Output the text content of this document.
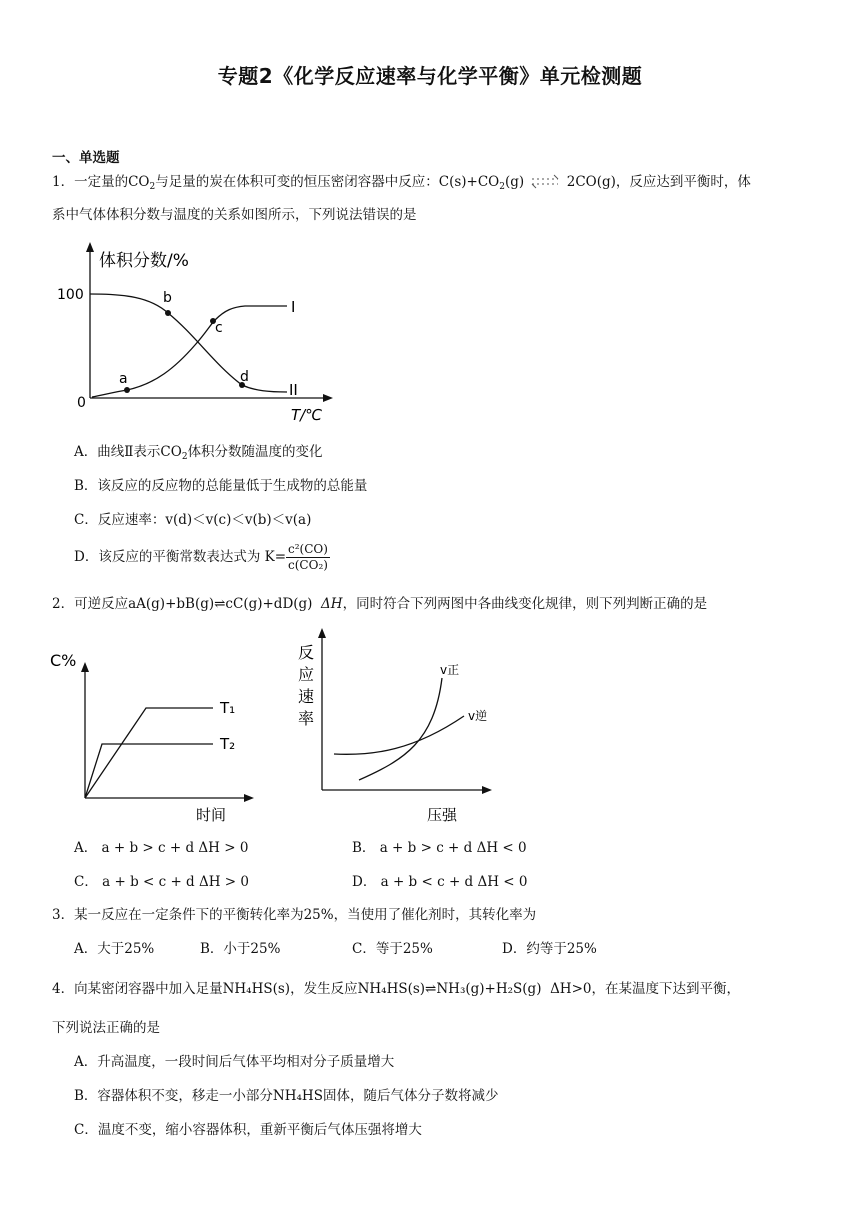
专题2《化学反应速率与化学平衡》单元检测题
一、单选题
1．一定量的$CO_2$与足量的炭在体积可变的恒压密闭容器中反应：$C(s)+CO_2(g)$ ⇌ 2CO(g)，反应达到平衡时，体
系中气体体积分数与温度的关系如图所示，下列说法错误的是
体积分数/%
T/℃
100
0
a
b
c
d
I
II
A．曲线Ⅱ表示$CO_2$体积分数随温度的变化
B．该反应的反应物的总能量低于生成物的总能量
C．反应速率：v(d)＜v(c)＜v(b)＜v(a)
D．该反应的平衡常数表达式为 $K= \frac{\text{c²(CO)}}{\text{c(CO₂)}}$
2．可逆反应aA(g)+bB(g)⇌cC(g)+dD(g) ΔH，同时符合下列两图中各曲线变化规律，则下列判断正确的是
C%
时间
T₁
T₂
反
应
速
率
压强
v正
v逆
A． a + b > c + d ΔH > 0	B． a + b > c + d ΔH < 0
C． a + b < c + d ΔH > 0	D． a + b < c + d ΔH < 0
3．某一反应在一定条件下的平衡转化率为25%，当使用了催化剂时，其转化率为
A．大于25%	B．小于25%	C．等于25%	D．约等于25%
4．向某密闭容器中加入足量NH₄HS(s)，发生反应NH₄HS(s)⇌NH₃(g)+H₂S(g) ΔH>0，在某温度下达到平衡，
下列说法正确的是
A．升高温度，一段时间后气体平均相对分子质量增大
B．容器体积不变，移走一小部分NH₄HS固体，随后气体分子数将减少
C．温度不变，缩小容器体积，重新平衡后气体压强将增大
